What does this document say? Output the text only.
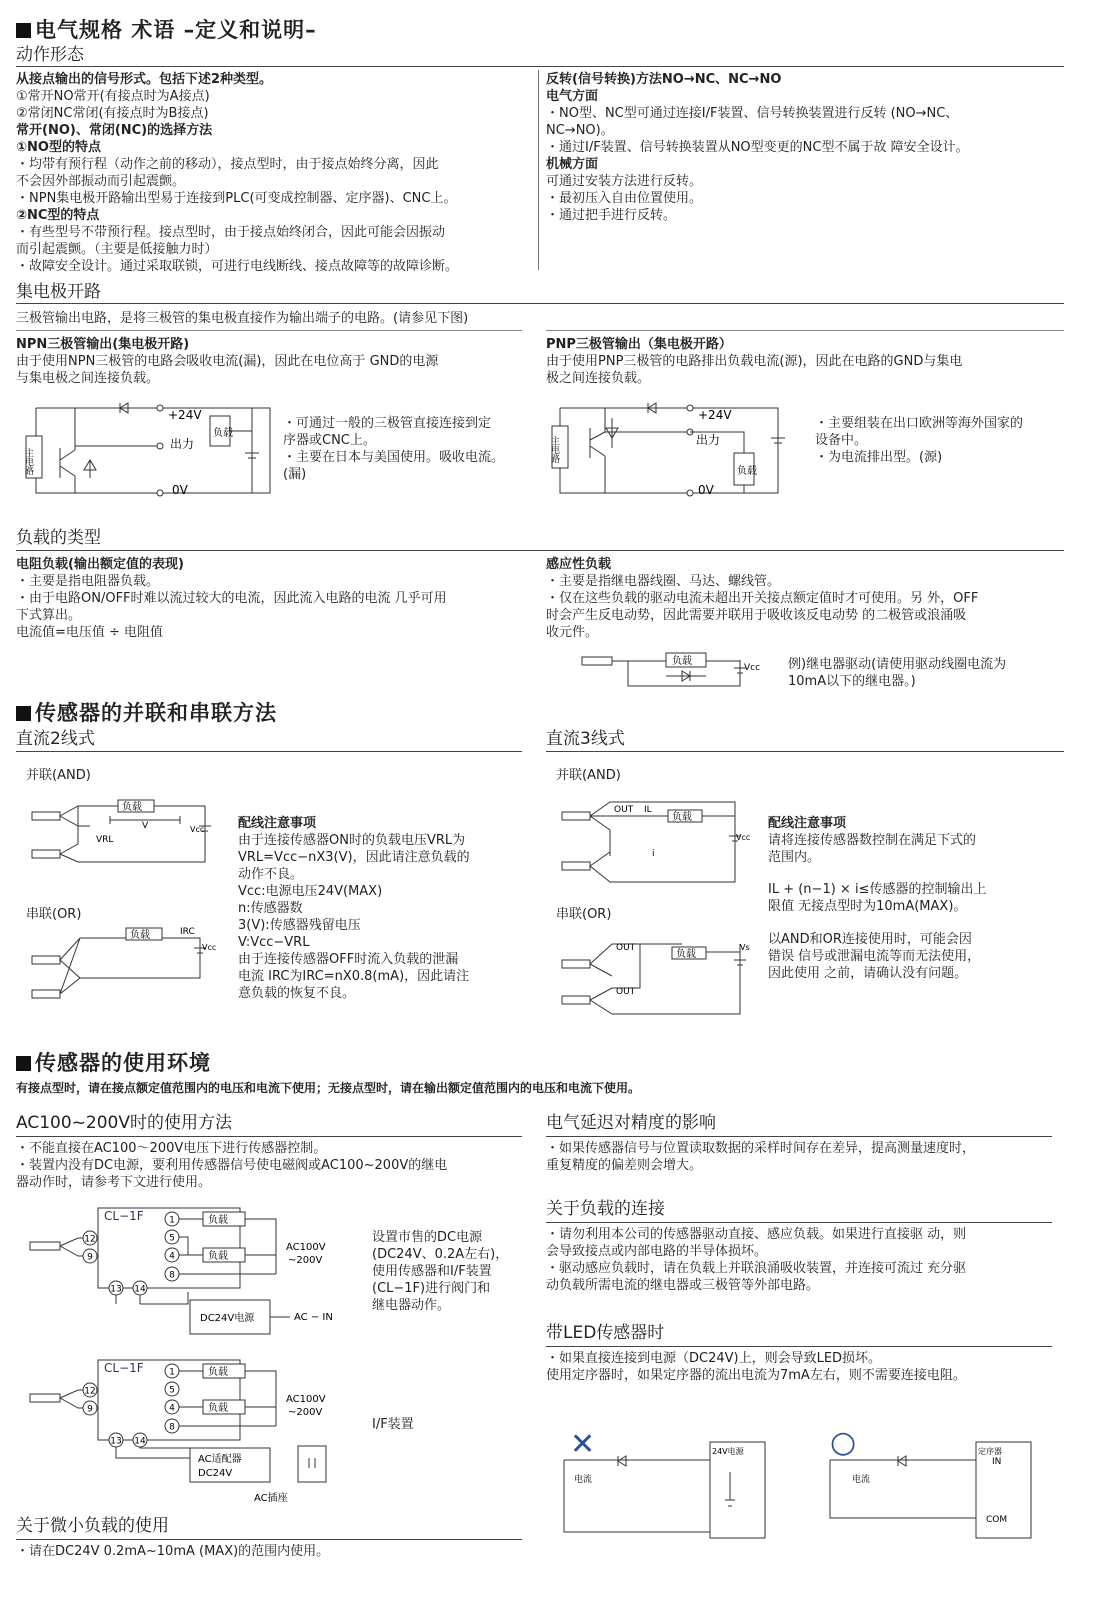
电气规格 术语 –定义和说明–
动作形态
从接点输出的信号形式。包括下述2种类型。
①常开NO常开(有接点时为A接点)
②常闭NC常闭(有接点时为B接点)
常开(NO)、常闭(NC)的选择方法
①NO型的特点
・均带有预行程（动作之前的移动），接点型时，由于接点始终分离，因此
不会因外部振动而引起震颤。
・NPN集电极开路输出型易于连接到PLC(可变成控制器、定序器)、CNC上。
②NC型的特点
・有些型号不带预行程。接点型时，由于接点始终闭合，因此可能会因振动
而引起震颤。（主要是低接触力时）
・故障安全设计。通过采取联锁，可进行电线断线、接点故障等的故障诊断。
反转(信号转换)方法NO→NC、NC→NO
电气方面
・NO型、NC型可通过连接I/F装置、信号转换装置进行反转 (NO→NC、
NC→NO)。
・通过I/F装置、信号转换装置从NO型变更的NC型不属于故 障安全设计。
机械方面
可通过安装方法进行反转。
・最初压入自由位置使用。
・通过把手进行反转。
集电极开路
三极管输出电路，是将三极管的集电极直接作为输出端子的电路。(请参见下图)
NPN三极管输出(集电极开路)
由于使用NPN三极管的电路会吸收电流(漏)，因此在电位高于 GND的电源
与集电极之间连接负载。
PNP三极管输出（集电极开路）
由于使用PNP三极管的电路排出负载电流(源)，因此在电路的GND与集电
极之间连接负载。
+24V
出力
0V
负载
主电路
・可通过一般的三极管直接连接到定
序器或CNC上。
・主要在日本与美国使用。吸收电流。
(漏)
+24V
出力
0V
负载
主电路
・主要组装在出口欧洲等海外国家的
设备中。
・为电流排出型。(源)
负载的类型
电阻负载(输出额定值的表现)
・主要是指电阻器负载。
・由于电路ON/OFF时难以流过较大的电流，因此流入电路的电流 几乎可用
下式算出。
电流值=电压值 ÷ 电阻值
感应性负载
・主要是指继电器线圈、马达、螺线管。
・仅在这些负载的驱动电流未超出开关接点额定值时才可使用。另 外，OFF
时会产生反电动势，因此需要并联用于吸收该反电动势 的二极管或浪涌吸
收元件。
负载
Vcc 例)继电器驱动(请使用驱动线圈电流为
10mA以下的继电器。)
传感器的并联和串联方法
直流2线式	直流3线式
并联(AND)
负载
V
VRL
Vcc
串联(OR)
负载	IRC
Vcc
配线注意事项
由于连接传感器ON时的负载电压VRL为
VRL=Vcc−nX3(V)，因此请注意负载的
动作不良。
Vcc:电源电压24V(MAX)
n:传感器数
3(V):传感器残留电压
V:Vcc−VRL
由于连接传感器OFF时流入负载的泄漏
电流 IRC为IRC=nX0.8(mA)，因此请注
意负载的恢复不良。
并联(AND)
OUT IL
负载
Vcc
i
串联(OR)
OUT
OUT
负载
Vs
配线注意事项
请将连接传感器数控制在满足下式的
范围内。
IL + (n−1) × i≤传感器的控制输出上
限值 无接点型时为10mA(MAX)。
以AND和OR连接使用时，可能会因
错误 信号或泄漏电流等而无法使用，
因此使用 之前，请确认没有问题。
传感器的使用环境
有接点型时，请在接点额定值范围内的电压和电流下使用；无接点型时，请在输出额定值范围内的电压和电流下使用。
AC100~200V时的使用方法
・不能直接在AC100～200V电压下进行传感器控制。
・装置内没有DC电源，要利用传感器信号使电磁阀或AC100~200V的继电
器动作时，请参考下文进行使用。
CL−1F	负载
负载
AC100V
~200V
DC24V电源	AC − IN
1
5
4
8
12
9
13 14
设置市售的DC电源
(DC24V、0.2A左右)，
使用传感器和I/F装置
(CL−1F)进行阀门和
继电器动作。
CL−1F	负载
负载
AC100V
~200V
AC适配器
DC24V
AC插座
1
5
4
8
12
9
13 14
I/F装置
关于微小负载的使用
・请在DC24V 0.2mA~10mA (MAX)的范围内使用。
电气延迟对精度的影响
・如果传感器信号与位置读取数据的采样时间存在差异，提高测量速度时，
重复精度的偏差则会增大。
关于负载的连接
・请勿利用本公司的传感器驱动直接、感应负载。如果进行直接驱 动，则
会导致接点或内部电路的半导体损坏。
・驱动感应负载时，请在负载上并联浪涌吸收装置，并连接可流过 充分驱
动负载所需电流的继电器或三极管等外部电路。
带LED传感器时
・如果直接连接到电源（DC24V)上，则会导致LED损坏。
使用定序器时，如果定序器的流出电流为7mA左右，则不需要连接电阻。
✕
电流
24V电源	○
电流
定序器
IN
COM
